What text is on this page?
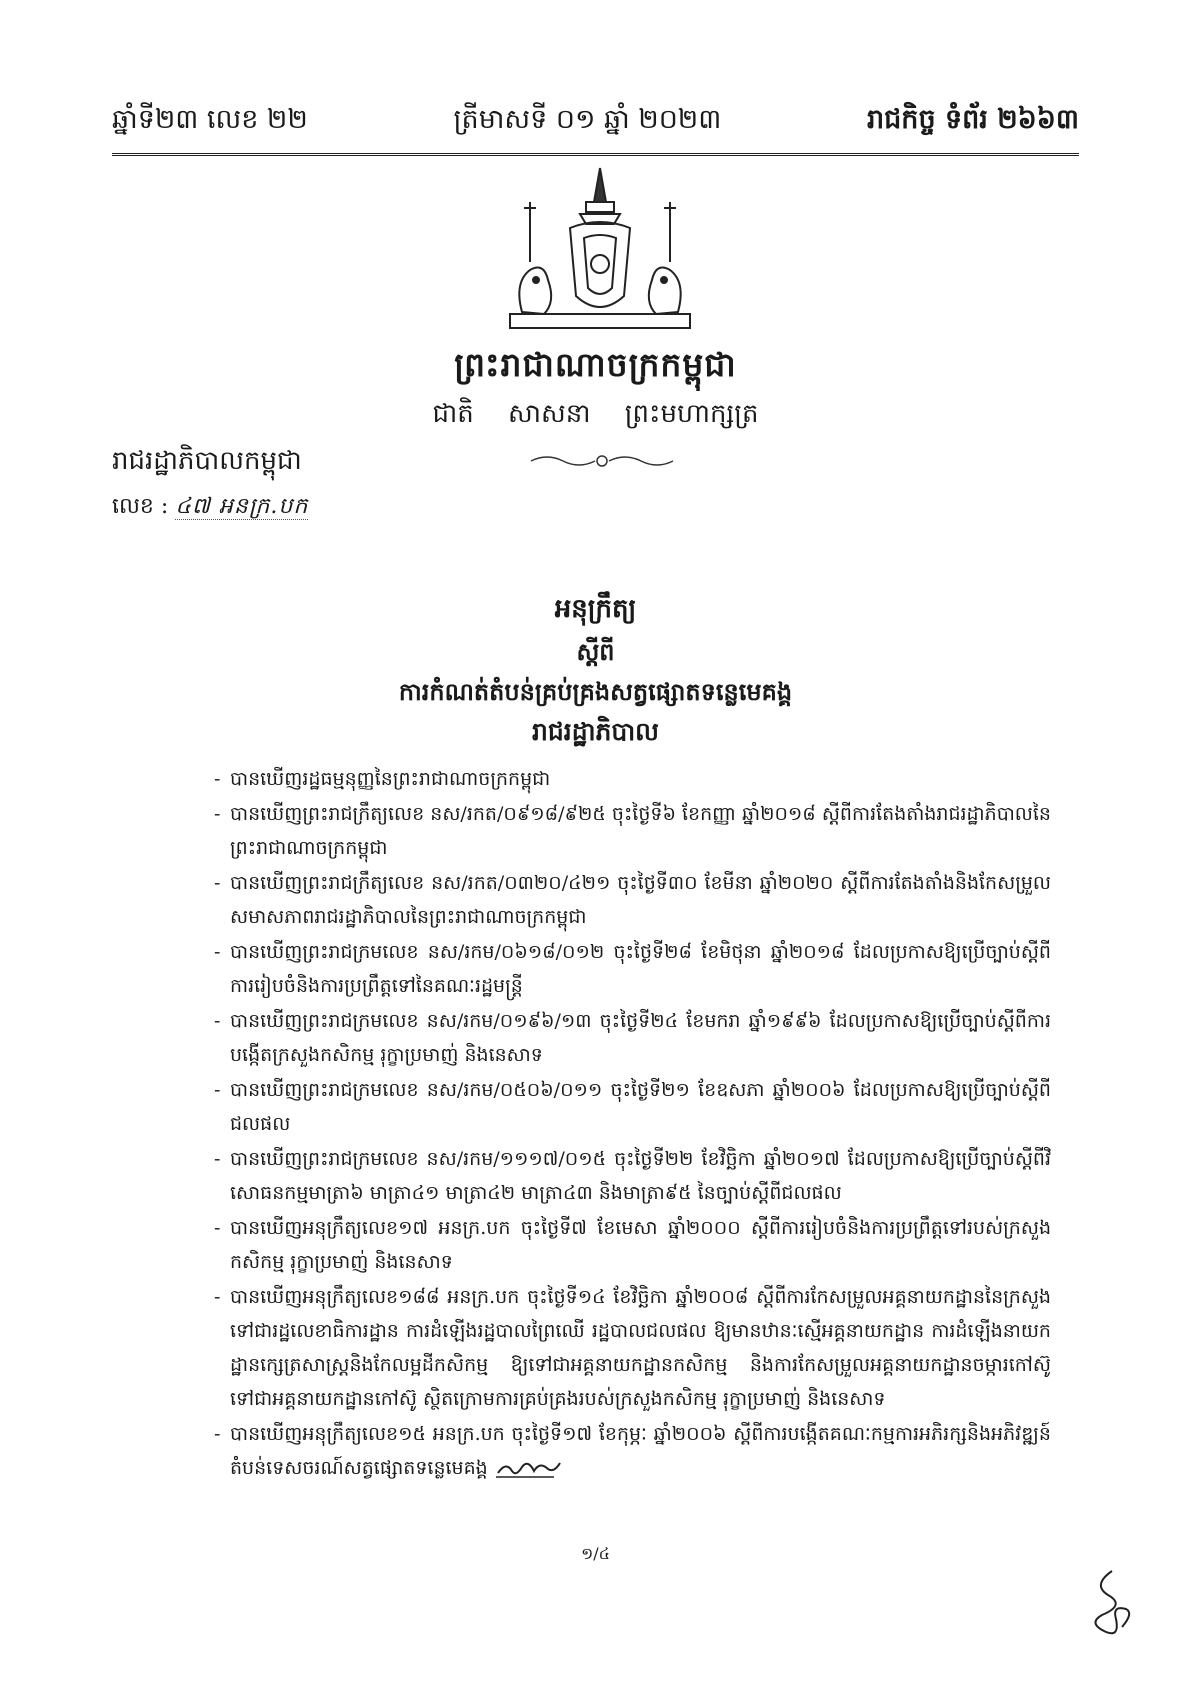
ឆ្នាំទី២៣ លេខ ២២	ត្រីមាសទី ០១ ឆ្នាំ ២០២៣	រាជកិច្ច ទំព័រ ២៦៦៣
ព្រះរាជាណាចក្រកម្ពុជា
ជាតិ សាសនា ព្រះមហាក្សត្រ
រាជរដ្ឋាភិបាលកម្ពុជា
លេខ : ៤៧ អនក្រ.បក
អនុក្រឹត្យ
ស្តីពី
ការកំណត់តំបន់គ្រប់គ្រងសត្វផ្សោតទន្លេមេគង្គ
រាជរដ្ឋាភិបាល
- បានឃើញរដ្ឋធម្មនុញ្ញនៃព្រះរាជាណាចក្រកម្ពុជា
- បានឃើញព្រះរាជក្រឹត្យលេខ នស/រកត/០៩១៨/៩២៥ ចុះថ្ងៃទី៦ ខែកញ្ញា ឆ្នាំ២០១៨ ស្តីពីការតែងតាំងរាជរដ្ឋាភិបាលនៃព្រះរាជាណាចក្រកម្ពុជា
- បានឃើញព្រះរាជក្រឹត្យលេខ នស/រកត/០៣២០/៤២១ ចុះថ្ងៃទី៣០ ខែមីនា ឆ្នាំ២០២០ ស្តីពីការតែងតាំងនិងកែសម្រួលសមាសភាពរាជរដ្ឋាភិបាលនៃព្រះរាជាណាចក្រកម្ពុជា
- បានឃើញព្រះរាជក្រមលេខ នស/រកម/០៦១៨/០១២ ចុះថ្ងៃទី២៨ ខែមិថុនា ឆ្នាំ២០១៨ ដែលប្រកាសឱ្យប្រើច្បាប់ស្តីពីការរៀបចំនិងការប្រព្រឹត្តទៅនៃគណៈរដ្ឋមន្ត្រី
- បានឃើញព្រះរាជក្រមលេខ នស/រកម/០១៩៦/១៣ ចុះថ្ងៃទី២៤ ខែមករា ឆ្នាំ១៩៩៦ ដែលប្រកាសឱ្យប្រើច្បាប់ស្តីពីការបង្កើតក្រសួងកសិកម្ម រុក្ខាប្រមាញ់ និងនេសាទ
- បានឃើញព្រះរាជក្រមលេខ នស/រកម/០៥០៦/០១១ ចុះថ្ងៃទី២១ ខែឧសភា ឆ្នាំ២០០៦ ដែលប្រកាសឱ្យប្រើច្បាប់ស្តីពីជលផល
- បានឃើញព្រះរាជក្រមលេខ នស/រកម/១១១៧/០១៥ ចុះថ្ងៃទី២២ ខែវិច្ឆិកា ឆ្នាំ២០១៧ ដែលប្រកាសឱ្យប្រើច្បាប់ស្តីពីវិសោធនកម្មមាត្រា៦ មាត្រា៤១ មាត្រា៤២ មាត្រា៤៣ និងមាត្រា៩៥ នៃច្បាប់ស្តីពីជលផល
- បានឃើញអនុក្រឹត្យលេខ១៧ អនក្រ.បក ចុះថ្ងៃទី៧ ខែមេសា ឆ្នាំ២០០០ ស្តីពីការរៀបចំនិងការប្រព្រឹត្តទៅរបស់ក្រសួងកសិកម្ម រុក្ខាប្រមាញ់ និងនេសាទ
- បានឃើញអនុក្រឹត្យលេខ១៨៨ អនក្រ.បក ចុះថ្ងៃទី១៤ ខែវិច្ឆិកា ឆ្នាំ២០០៨ ស្តីពីការកែសម្រួលអគ្គនាយកដ្ឋាននៃក្រសួងទៅជារដ្ឋលេខាធិការដ្ឋាន ការដំឡើងរដ្ឋបាលព្រៃឈើ រដ្ឋបាលជលផល ឱ្យមានឋានៈស្មើអគ្គនាយកដ្ឋាន ការដំឡើងនាយកដ្ឋានក្សេត្រសាស្ត្រនិងកែលម្អដីកសិកម្ម ឱ្យទៅជាអគ្គនាយកដ្ឋានកសិកម្ម និងការកែសម្រួលអគ្គនាយកដ្ឋានចម្ការកៅស៊ូទៅជាអគ្គនាយកដ្ឋានកៅស៊ូ ស្ថិតក្រោមការគ្រប់គ្រងរបស់ក្រសួងកសិកម្ម រុក្ខាប្រមាញ់ និងនេសាទ
- បានឃើញអនុក្រឹត្យលេខ១៥ អនក្រ.បក ចុះថ្ងៃទី១៧ ខែកុម្ភៈ ឆ្នាំ២០០៦ ស្តីពីការបង្កើតគណៈកម្មការអភិរក្សនិងអភិវឌ្ឍន៍តំបន់ទេសចរណ៍សត្វផ្សោតទន្លេមេគង្គ
១/៤
